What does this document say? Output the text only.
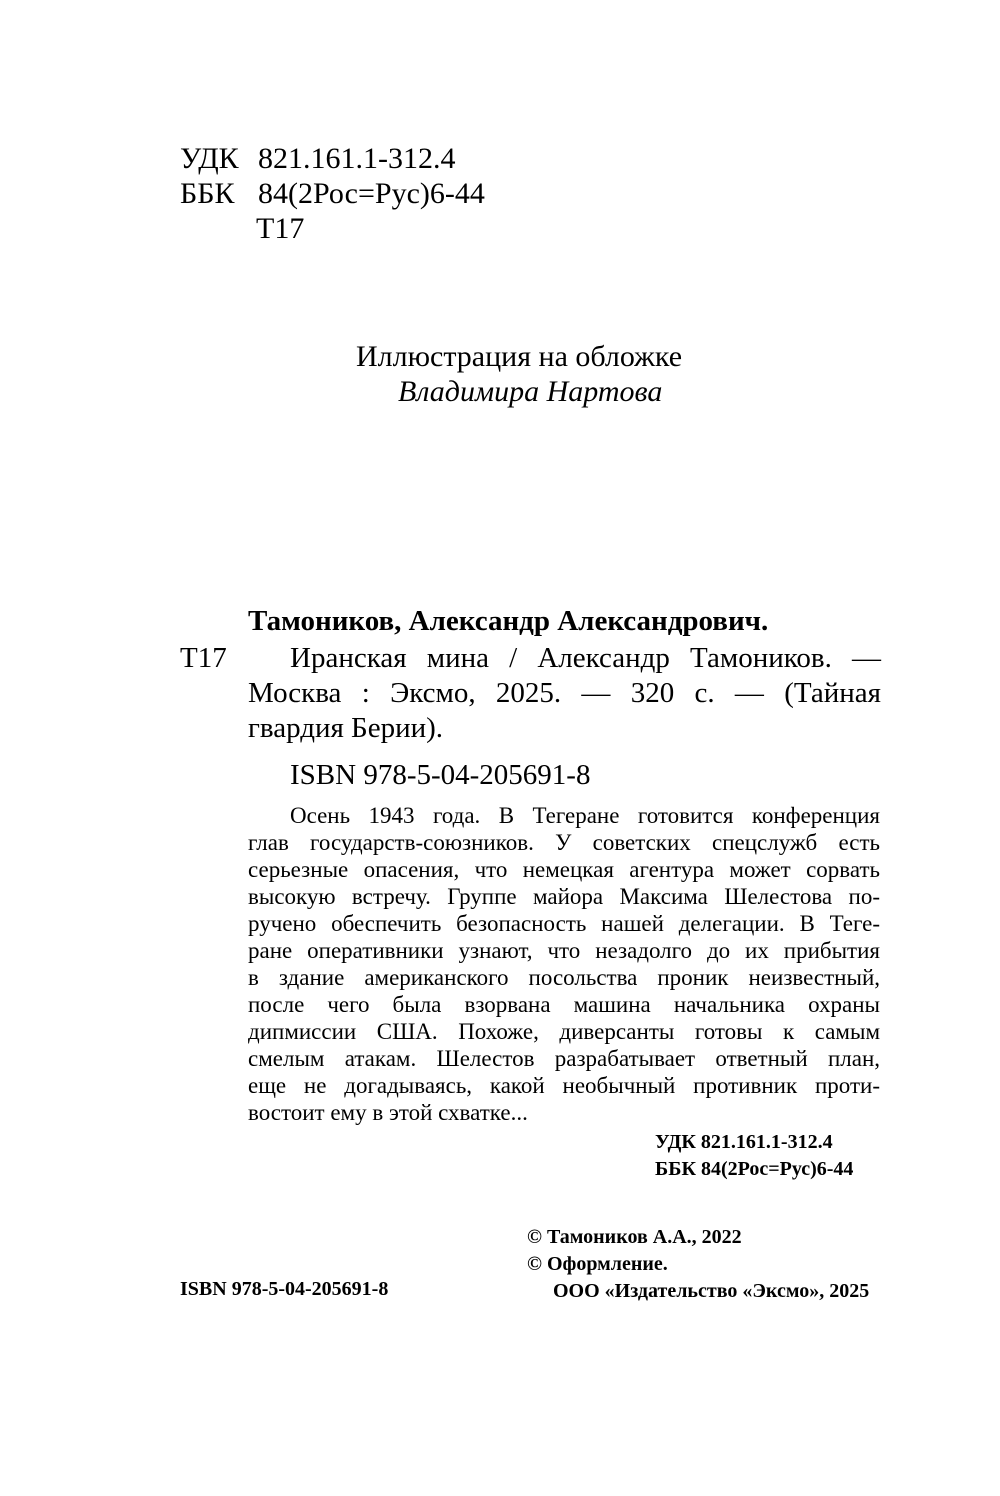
УДК 821.161.1-312.4
ББК 84(2Рос=Рус)6-44
Т17
Иллюстрация на обложке
Владимира Нартова
Тамоников, Александр Александрович.
Т17 Иранская мина / Александр Тамоников. —
Москва : Эксмо, 2025. — 320 с. — (Тайная
гвардия Берии).
ISBN 978-5-04-205691-8
Осень 1943 года. В Тегеране готовится конференция
глав государств-союзников. У советских спецслужб есть
серьезные опасения, что немецкая агентура может сорвать
высокую встречу. Группе майора Максима Шелестова по-
ручено обеспечить безопасность нашей делегации. В Теге-
ране оперативники узнают, что незадолго до их прибытия
в здание американского посольства проник неизвестный,
после чего была взорвана машина начальника охраны
дипмиссии США. Похоже, диверсанты готовы к самым
смелым атакам. Шелестов разрабатывает ответный план,
еще не догадываясь, какой необычный противник проти-
востоит ему в этой схватке...
УДК 821.161.1-312.4
ББК 84(2Рос=Рус)6-44
© Тамоников А.А., 2022
© Оформление.
ООО «Издательство «Эксмо», 2025
ISBN 978-5-04-205691-8
